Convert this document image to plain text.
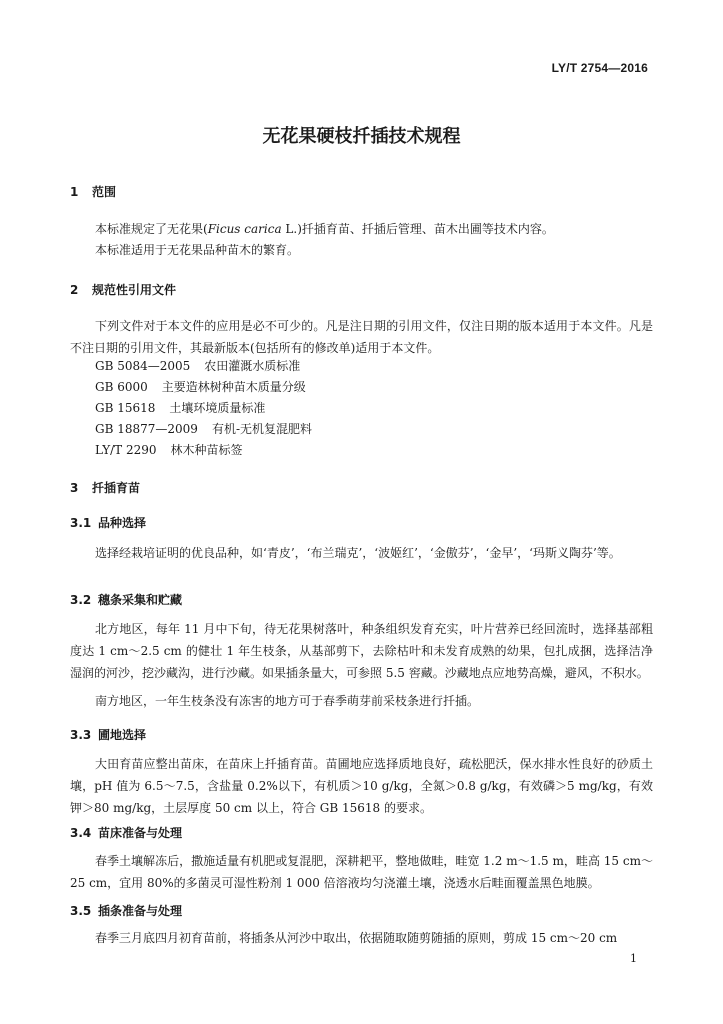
LY/T 2754—2016
无花果硬枝扦插技术规程
1 范围
本标准规定了无花果(Ficus carica L.)扦插育苗、扦插后管理、苗木出圃等技术内容。
本标准适用于无花果品种苗木的繁育。
2 规范性引用文件
下列文件对于本文件的应用是必不可少的。凡是注日期的引用文件，仅注日期的版本适用于本文件。凡是不注日期的引用文件，其最新版本(包括所有的修改单)适用于本文件。
GB 5084—2005 农田灌溉水质标准
GB 6000 主要造林树种苗木质量分级
GB 15618 土壤环境质量标准
GB 18877—2009 有机-无机复混肥料
LY/T 2290 林木种苗标签
3 扦插育苗
3.1 品种选择
选择经栽培证明的优良品种，如‘青皮’，‘布兰瑞克’，‘波姬红’，‘金傲芬’，‘金早’，‘玛斯义陶芬’等。
3.2 穗条采集和贮藏
北方地区，每年 11 月中下旬，待无花果树落叶，种条组织发育充实，叶片营养已经回流时，选择基部粗度达 1 cm～2.5 cm 的健壮 1 年生枝条，从基部剪下，去除枯叶和未发育成熟的幼果，包扎成捆，选择洁净湿润的河沙，挖沙藏沟，进行沙藏。如果插条量大，可参照 5.5 窖藏。沙藏地点应地势高燥，避风，不积水。
南方地区，一年生枝条没有冻害的地方可于春季萌芽前采枝条进行扦插。
3.3 圃地选择
大田育苗应整出苗床，在苗床上扦插育苗。苗圃地应选择质地良好，疏松肥沃，保水排水性良好的砂质土壤，pH 值为 6.5～7.5，含盐量 0.2%以下，有机质＞10 g/kg，全氮＞0.8 g/kg，有效磷＞5 mg/kg，有效钾＞80 mg/kg，土层厚度 50 cm 以上，符合 GB 15618 的要求。
3.4 苗床准备与处理
春季土壤解冻后，撒施适量有机肥或复混肥，深耕耙平，整地做畦，畦宽 1.2 m～1.5 m，畦高 15 cm～25 cm，宜用 80%的多菌灵可湿性粉剂 1 000 倍溶液均匀浇灌土壤，浇透水后畦面覆盖黑色地膜。
3.5 插条准备与处理
春季三月底四月初育苗前，将插条从河沙中取出，依据随取随剪随插的原则，剪成 15 cm～20 cm
1
